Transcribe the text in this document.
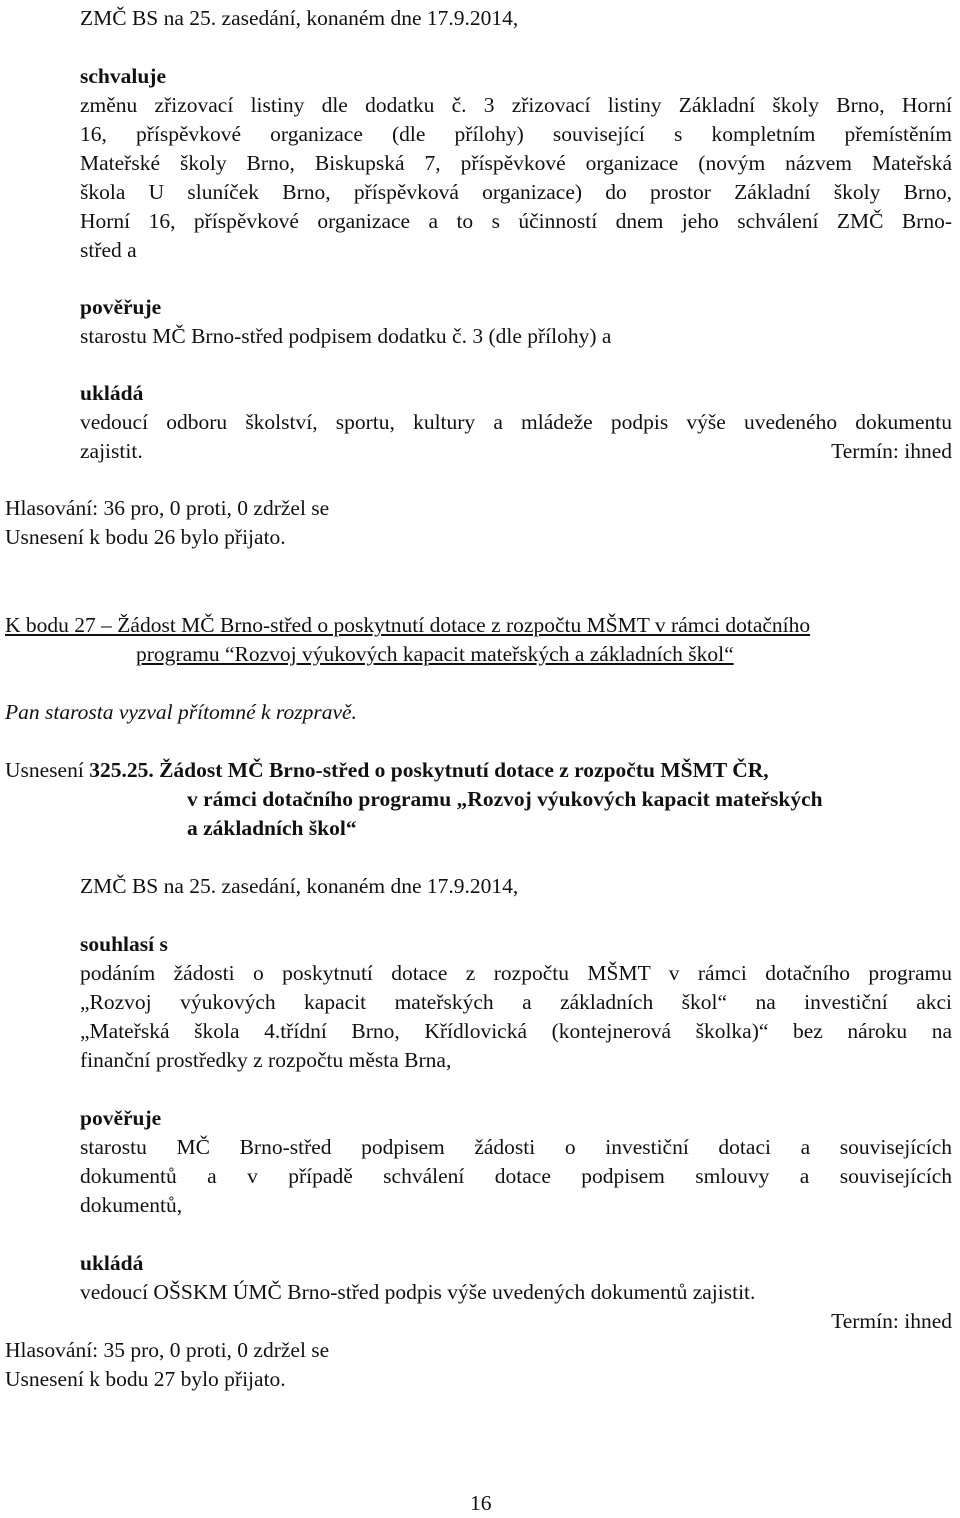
ZMČ BS na 25. zasedání, konaném dne 17.9.2014,
schvaluje
změnu zřizovací listiny dle dodatku č. 3 zřizovací listiny Základní školy Brno, Horní
16, příspěvkové organizace (dle přílohy) související s kompletním přemístěním
Mateřské školy Brno, Biskupská 7, příspěvkové organizace (novým názvem Mateřská
škola U sluníček Brno, příspěvková organizace) do prostor Základní školy Brno,
Horní 16, příspěvkové organizace a to s účinností dnem jeho schválení ZMČ Brno-
střed a
pověřuje
starostu MČ Brno-střed podpisem dodatku č. 3 (dle přílohy) a
ukládá
vedoucí odboru školství, sportu, kultury a mládeže podpis výše uvedeného dokumentu
zajistit.	Termín: ihned
Hlasování: 36 pro, 0 proti, 0 zdržel se
Usnesení k bodu 26 bylo přijato.
K bodu 27 – Žádost MČ Brno-střed o poskytnutí dotace z rozpočtu MŠMT v rámci dotačního
programu “Rozvoj výukových kapacit mateřských a základních škol“
Pan starosta vyzval přítomné k rozpravě.
Usnesení 325.25. Žádost MČ Brno-střed o poskytnutí dotace z rozpočtu MŠMT ČR,
v rámci dotačního programu „Rozvoj výukových kapacit mateřských
a základních škol“
ZMČ BS na 25. zasedání, konaném dne 17.9.2014,
souhlasí s
podáním žádosti o poskytnutí dotace z rozpočtu MŠMT v rámci dotačního programu
„Rozvoj výukových kapacit mateřských a základních škol“ na investiční akci
„Mateřská škola 4.třídní Brno, Křídlovická (kontejnerová školka)“ bez nároku na
finanční prostředky z rozpočtu města Brna,
pověřuje
starostu MČ Brno-střed podpisem žádosti o investiční dotaci a souvisejících
dokumentů a v případě schválení dotace podpisem smlouvy a souvisejících
dokumentů,
ukládá
vedoucí OŠSKM ÚMČ Brno-střed podpis výše uvedených dokumentů zajistit.
Termín: ihned
Hlasování: 35 pro, 0 proti, 0 zdržel se
Usnesení k bodu 27 bylo přijato.
16
